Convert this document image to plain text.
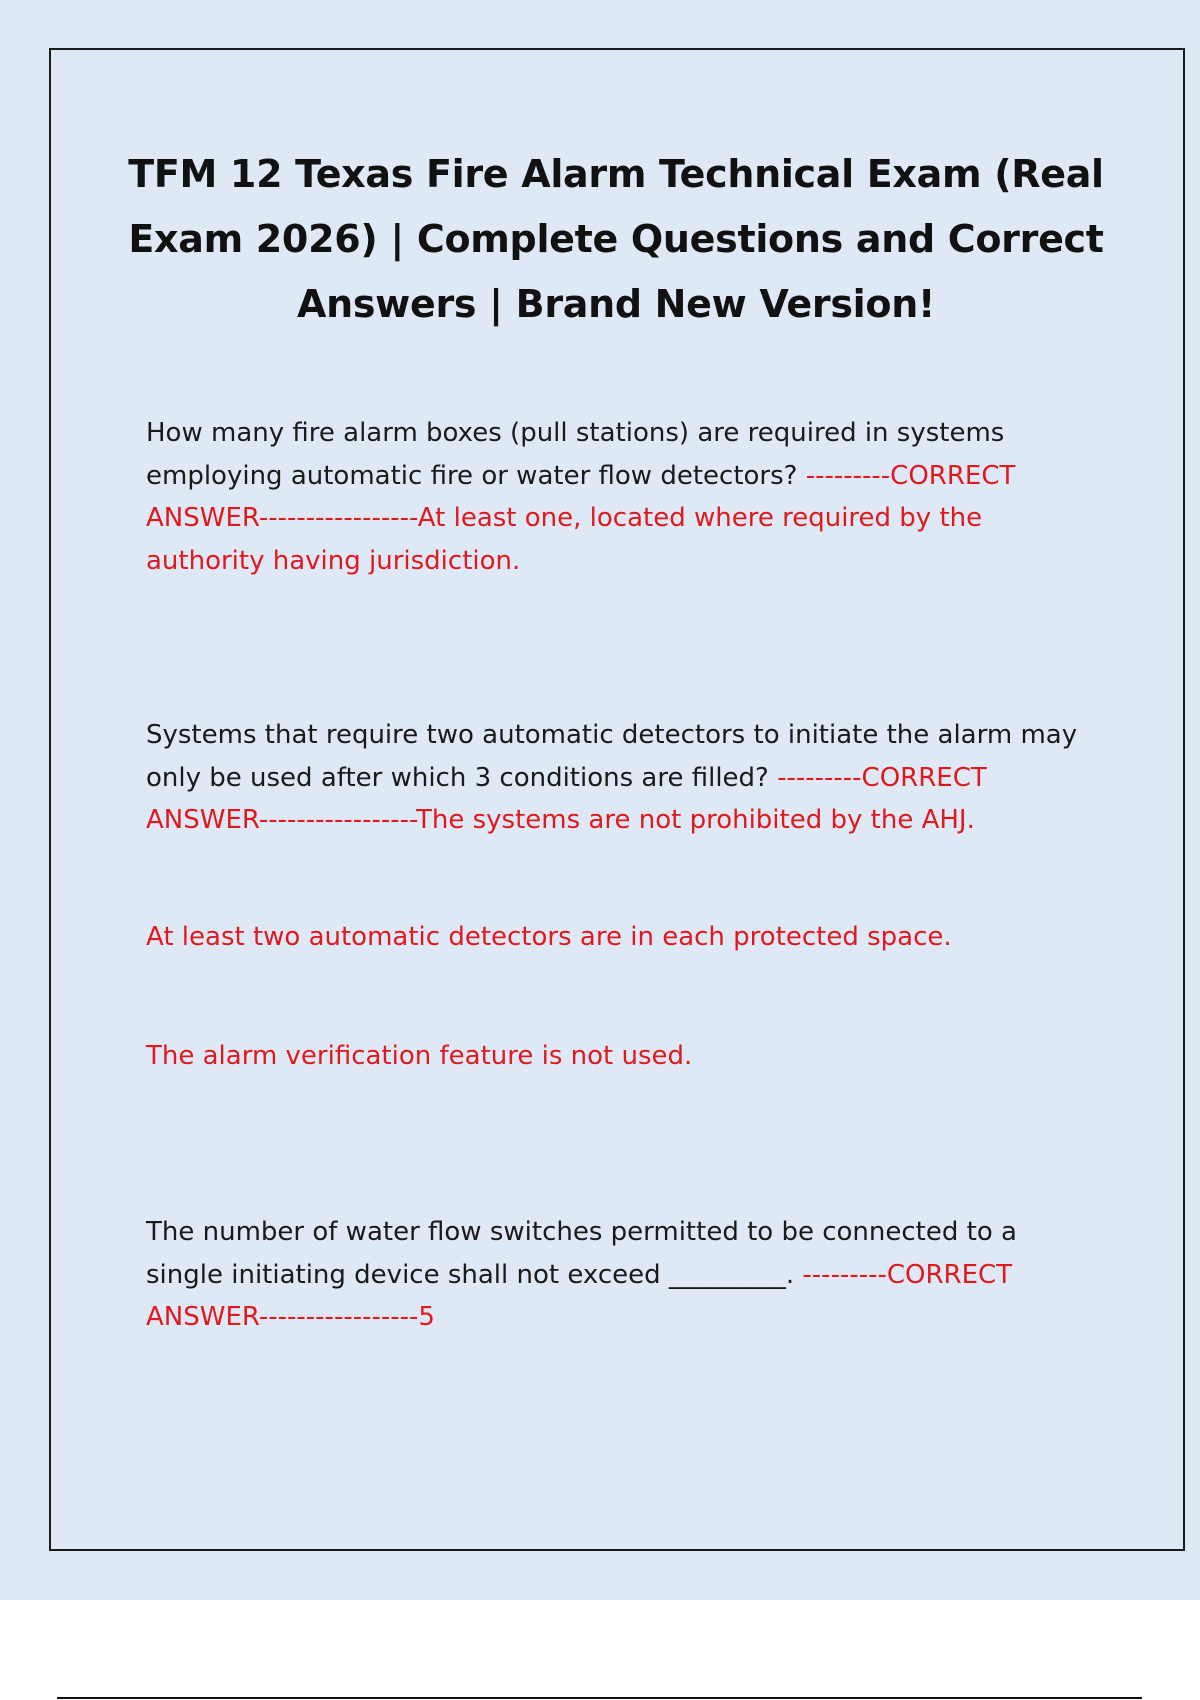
TFM 12 Texas Fire Alarm Technical Exam (Real Exam 2026) | Complete Questions and Correct Answers | Brand New Version!

How many fire alarm boxes (pull stations) are required in systems employing automatic fire or water flow detectors? ---------CORRECT ANSWER-----------------At least one, located where required by the authority having jurisdiction.

Systems that require two automatic detectors to initiate the alarm may only be used after which 3 conditions are filled? ---------CORRECT ANSWER-----------------The systems are not prohibited by the AHJ.

At least two automatic detectors are in each protected space.

The alarm verification feature is not used.

The number of water flow switches permitted to be connected to a single initiating device shall not exceed _________. ---------CORRECT ANSWER-----------------5
